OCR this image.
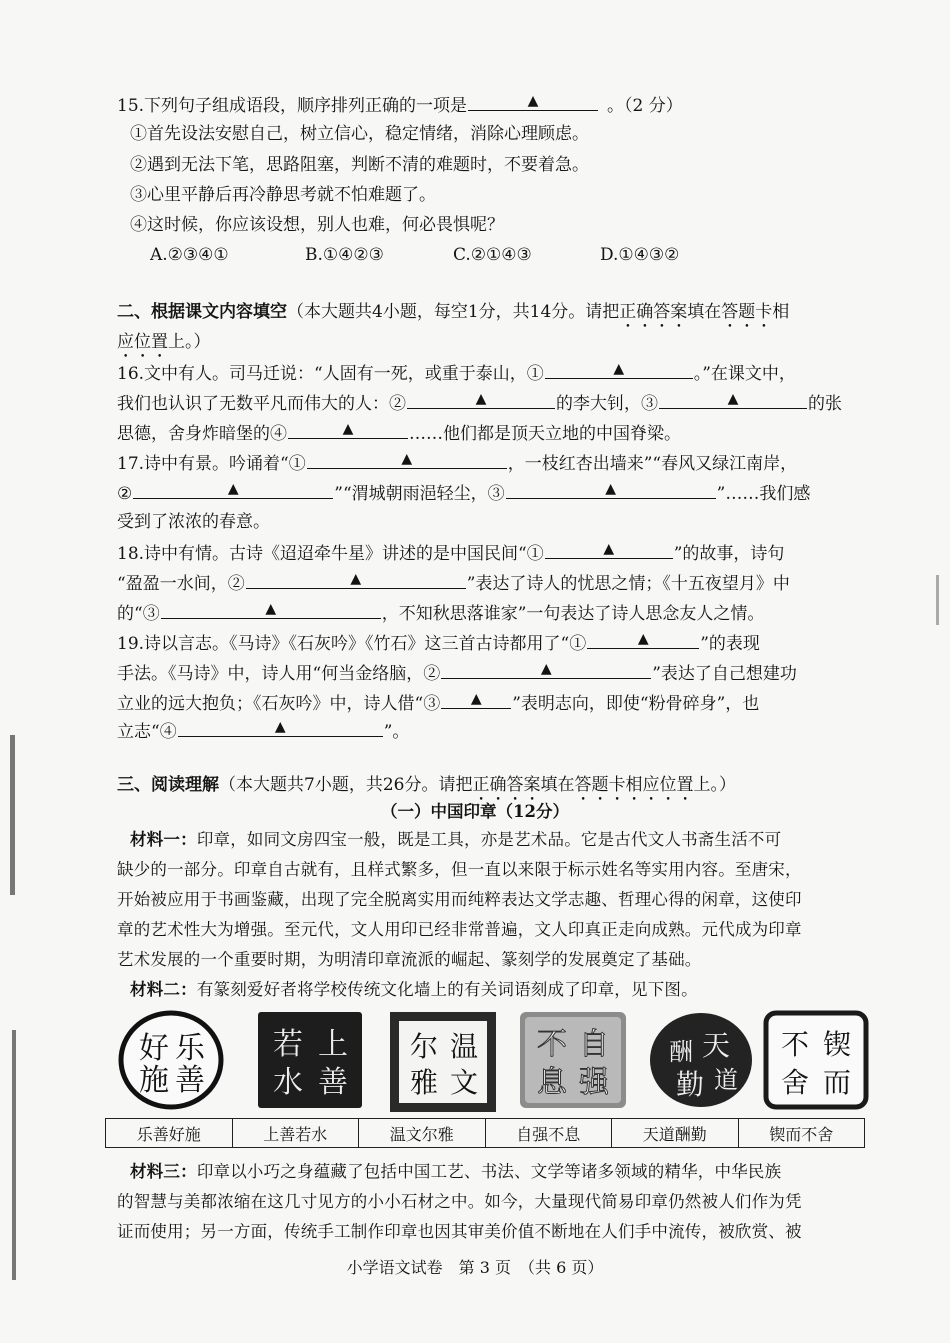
15.下列句子组成语段，顺序排列正确的一项是	▲	。（2 分）
①首先设法安慰自己，树立信心，稳定情绪，消除心理顾虑。
②遇到无法下笔，思路阻塞，判断不清的难题时，不要着急。
③心里平静后再冷静思考就不怕难题了。
④这时候，你应该设想，别人也难，何必畏惧呢？
A.②③④①	B.①④②③	C.②①④③	D.①④③②
二、根据课文内容填空（本大题共4小题，每空1分，共14分。请把正确答案填在答题卡相
应位置上。）
16.文中有人。司马迁说：“人固有一死，或重于泰山，①	▲	。”在课文中，
我们也认识了无数平凡而伟大的人：②	▲	的李大钊，③	▲	的张
思德，舍身炸暗堡的④	▲	……他们都是顶天立地的中国脊梁。
17.诗中有景。吟诵着“①	▲	，一枝红杏出墙来”“春风又绿江南岸，
②	▲	”“渭城朝雨浥轻尘，③	▲	”……我们感
受到了浓浓的春意。
18.诗中有情。古诗《迢迢牵牛星》讲述的是中国民间“①	▲	”的故事，诗句
“盈盈一水间，②	▲	”表达了诗人的忧思之情；《十五夜望月》中
的“③	▲	，不知秋思落谁家”一句表达了诗人思念友人之情。
19.诗以言志。《马诗》《石灰吟》《竹石》这三首古诗都用了“①	▲	”的表现
手法。《马诗》中，诗人用“何当金络脑，②	▲	”表达了自己想建功
立业的远大抱负；《石灰吟》中，诗人借“③ ▲ ”表明志向，即使“粉骨碎身”，也
立志“④	▲	”。
三、阅读理解（本大题共7小题，共26分。请把正确答案填在答题卡相应位置上。）
（一）中国印章（12分）
材料一：印章，如同文房四宝一般，既是工具，亦是艺术品。它是古代文人书斋生活不可
缺少的一部分。印章自古就有，且样式繁多，但一直以来限于标示姓名等实用内容。至唐宋，
开始被应用于书画鉴藏，出现了完全脱离实用而纯粹表达文学志趣、哲理心得的闲章，这使印
章的艺术性大为增强。至元代，文人用印已经非常普遍，文人印真正走向成熟。元代成为印章
艺术发展的一个重要时期，为明清印章流派的崛起、篆刻学的发展奠定了基础。
材料二：有篆刻爱好者将学校传统文化墙上的有关词语刻成了印章，见下图。
乐
善
好
施
上
善
若
水
温
文
尔
雅
自
强
不
息
天
道
酬
勤
锲
而
不
舍
乐善好施	上善若水	温文尔雅	自强不息	天道酬勤	锲而不舍
材料三：印章以小巧之身蕴藏了包括中国工艺、书法、文学等诸多领域的精华，中华民族
的智慧与美都浓缩在这几寸见方的小小石材之中。如今，大量现代简易印章仍然被人们作为凭
证而使用；另一方面，传统手工制作印章也因其审美价值不断地在人们手中流传，被欣赏、被
小学语文试卷　第 3 页　（共 6 页）
